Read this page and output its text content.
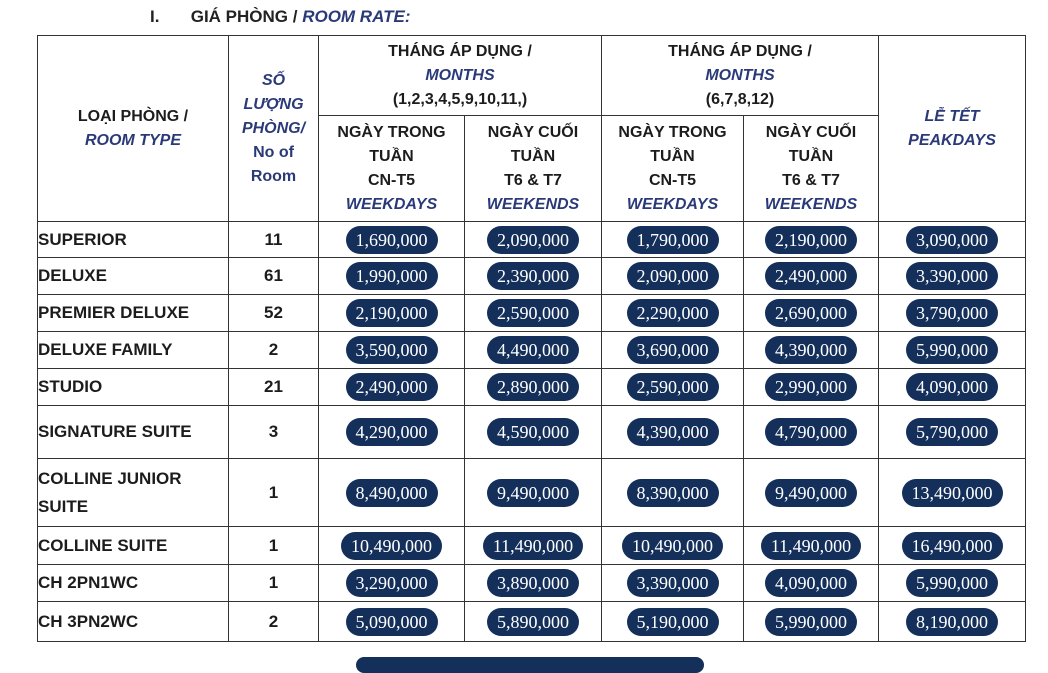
I. GIÁ PHÒNG / ROOM RATE:
LOẠI PHÒNG /
ROOM TYPE	SỐ
LƯỢNG
PHÒNG/
No of
Room	THÁNG ÁP DỤNG /
MONTHS
(1,2,3,4,5,9,10,11,)		THÁNG ÁP DỤNG /
MONTHS
(6,7,8,12)		LỄ TẾT
PEAKDAYS

		NGÀY TRONG
TUẦN
CN-T5
WEEKDAYS	NGÀY CUỐI
TUẦN
T6 & T7
WEEKENDS	NGÀY TRONG
TUẦN
CN-T5
WEEKDAYS	NGÀY CUỐI
TUẦN
T6 & T7
WEEKENDS	

SUPERIOR	11	1,690,000	2,090,000	1,790,000	2,190,000	3,090,000
DELUXE	61	1,990,000	2,390,000	2,090,000	2,490,000	3,390,000
PREMIER DELUXE	52	2,190,000	2,590,000	2,290,000	2,690,000	3,790,000
DELUXE FAMILY	2	3,590,000	4,490,000	3,690,000	4,390,000	5,990,000
STUDIO	21	2,490,000	2,890,000	2,590,000	2,990,000	4,090,000
SIGNATURE SUITE	3	4,290,000	4,590,000	4,390,000	4,790,000	5,790,000
COLLINE JUNIOR SUITE	1	8,490,000	9,490,000	8,390,000	9,490,000	13,490,000
COLLINE SUITE	1	10,490,000	11,490,000	10,490,000	11,490,000	16,490,000
CH 2PN1WC	1	3,290,000	3,890,000	3,390,000	4,090,000	5,990,000
CH 3PN2WC	2	5,090,000	5,890,000	5,190,000	5,990,000	8,190,000
